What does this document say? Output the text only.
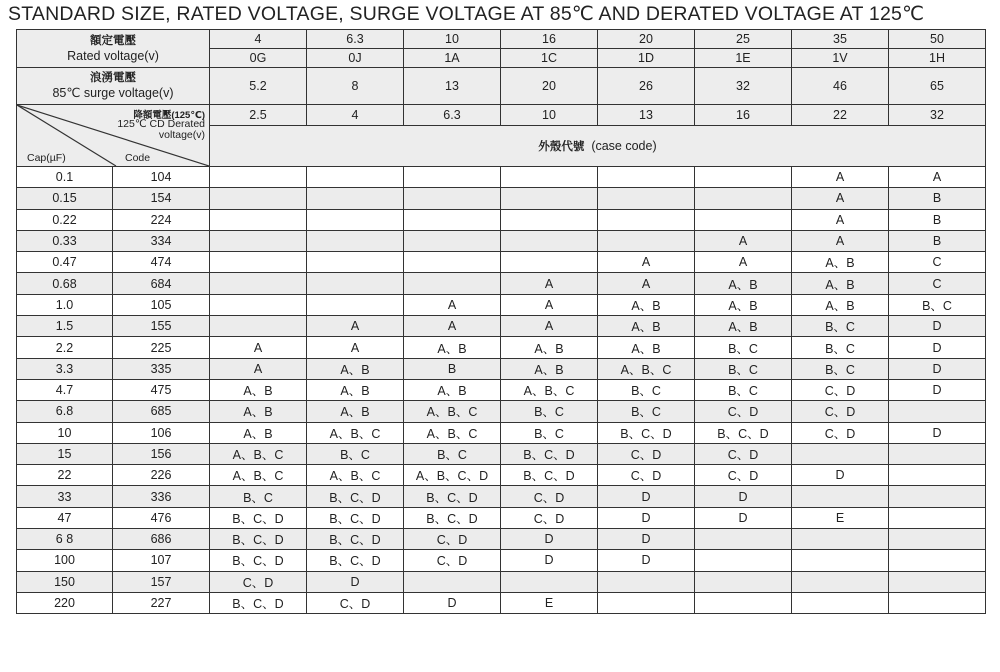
STANDARD SIZE, RATED VOLTAGE, SURGE VOLTAGE AT 85℃ AND DERATED VOLTAGE AT 125℃
額定電壓
Rated voltage(v)		4	6.3	10	16	20	25	35	50
		0G	0J	1A	1C	1D	1E	1V	1H

浪湧電壓
85℃ surge voltage(v)		5.2	8	13	20	26	32	46	65

降額電壓(125℃)
125℃ CD Derated
voltage(v)
Cap(µF) Code		2.5	4	6.3	10	13	16	22	32
		外殼代號 (case code)							
0.1	104							A	A
0.15	154							A	B
0.22	224							A	B
0.33	334						A	A	B
0.47	474					A	A	A、B	C
0.68	684				A	A	A、B	A、B	C
1.0	105			A	A	A、B	A、B	A、B	B、C
1.5	155		A	A	A	A、B	A、B	B、C	D
2.2	225	A	A	A、B	A、B	A、B	B、C	B、C	D
3.3	335	A	A、B	B	A、B	A、B、C	B、C	B、C	D
4.7	475	A、B	A、B	A、B	A、B、C	B、C	B、C	C、D	D
6.8	685	A、B	A、B	A、B、C	B、C	B、C	C、D	C、D	
10	106	A、B	A、B、C	A、B、C	B、C	B、C、D	B、C、D	C、D	D
15	156	A、B、C	B、C	B、C	B、C、D	C、D	C、D		
22	226	A、B、C	A、B、C	A、B、C、D	B、C、D	C、D	C、D	D	
33	336	B、C	B、C、D	B、C、D	C、D	D	D		
47	476	B、C、D	B、C、D	B、C、D	C、D	D	D	E	
6 8	686	B、C、D	B、C、D	C、D	D	D			
100	107	B、C、D	B、C、D	C、D	D	D			
150	157	C、D	D						
220	227	B、C、D	C、D	D	E				
